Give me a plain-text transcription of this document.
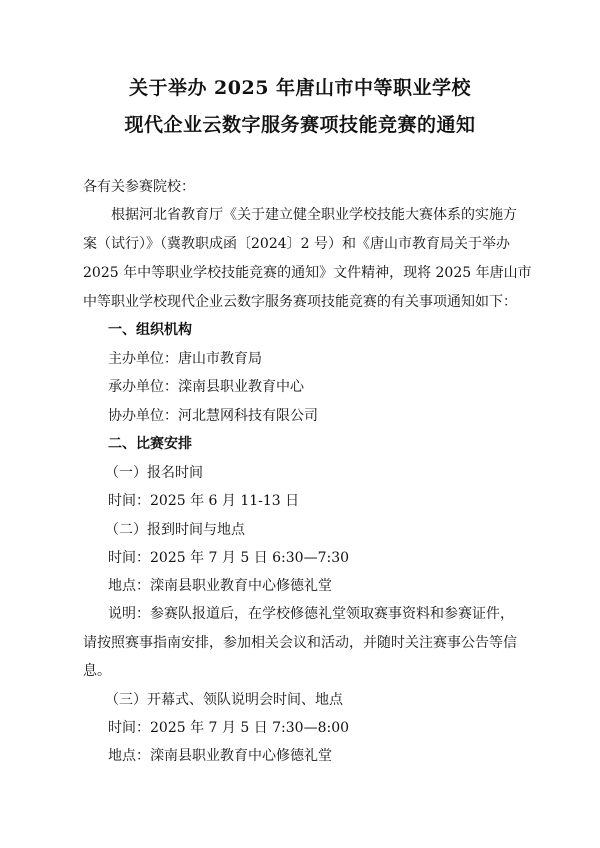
关于举办 2025 年唐山市中等职业学校
现代企业云数字服务赛项技能竞赛的通知
各有关参赛院校：
根据河北省教育厅《关于建立健全职业学校技能大赛体系的实施方
案（试行）》（冀教职成函〔2024〕2 号）和《唐山市教育局关于举办
2025 年中等职业学校技能竞赛的通知》文件精神，现将 2025 年唐山市
中等职业学校现代企业云数字服务赛项技能竞赛的有关事项通知如下：
一、组织机构
主办单位：唐山市教育局
承办单位：滦南县职业教育中心
协办单位：河北慧网科技有限公司
二、比赛安排
（一）报名时间
时间：2025 年 6 月 11-13 日
（二）报到时间与地点
时间：2025 年 7 月 5 日 6:30—7:30
地点：滦南县职业教育中心修德礼堂
说明：参赛队报道后，在学校修德礼堂领取赛事资料和参赛证件，
请按照赛事指南安排，参加相关会议和活动，并随时关注赛事公告等信
息。
（三）开幕式、领队说明会时间、地点
时间：2025 年 7 月 5 日 7:30—8:00
地点：滦南县职业教育中心修德礼堂
